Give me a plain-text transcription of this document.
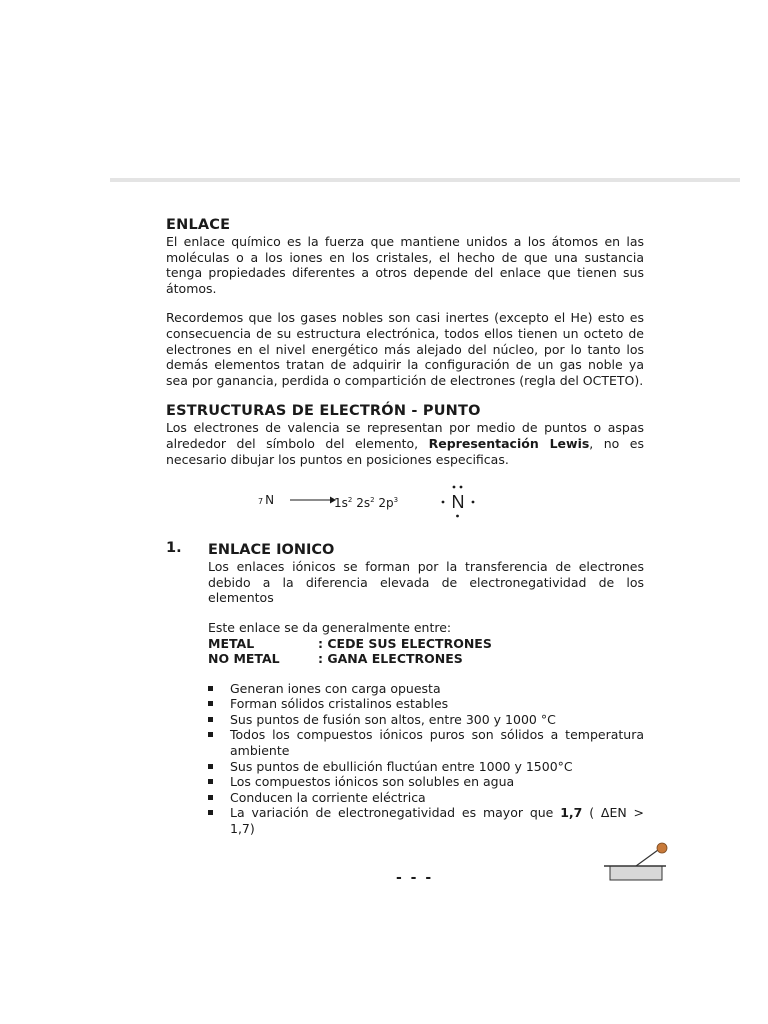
ENLACE

El enlace químico es la fuerza que mantiene unidos a los átomos en las moléculas o a los iones en los cristales, el hecho de que una sustancia tenga propiedades diferentes a otros depende del enlace que tienen sus átomos.

Recordemos que los gases nobles son casi inertes (excepto el He) esto es consecuencia de su estructura electrónica, todos ellos tienen un octeto de electrones en el nivel energético más alejado del núcleo, por lo tanto los demás elementos tratan de adquirir la configuración de un gas noble ya sea por ganancia, perdida o compartición de electrones (regla del OCTETO).

ESTRUCTURAS DE ELECTRÓN - PUNTO

Los electrones de valencia se representan por medio de puntos o aspas alrededor del símbolo del elemento, Representación Lewis, no es necesario dibujar los puntos en posiciones especificas.

7 N	$1s^2$ $2s^2$ $2p^3$	N
1. ENLACE IONICO

Los enlaces iónicos se forman por la transferencia de electrones debido a la diferencia elevada de electronegatividad de los elementos

Este enlace se da generalmente entre:

METAL	: CEDE SUS ELECTRONES
NO METAL	: GANA ELECTRONES
Generan iones con carga opuesta
Forman sólidos cristalinos estables
Sus puntos de fusión son altos, entre 300 y 1000 °C
Todos los compuestos iónicos puros son sólidos a temperatura ambiente
Sus puntos de ebullición fluctúan entre 1000 y 1500°C
Los compuestos iónicos son solubles en agua
Conducen la corriente eléctrica
La variación de electronegatividad es mayor que 1,7 ( ΔEN > 1,7)
- - -
